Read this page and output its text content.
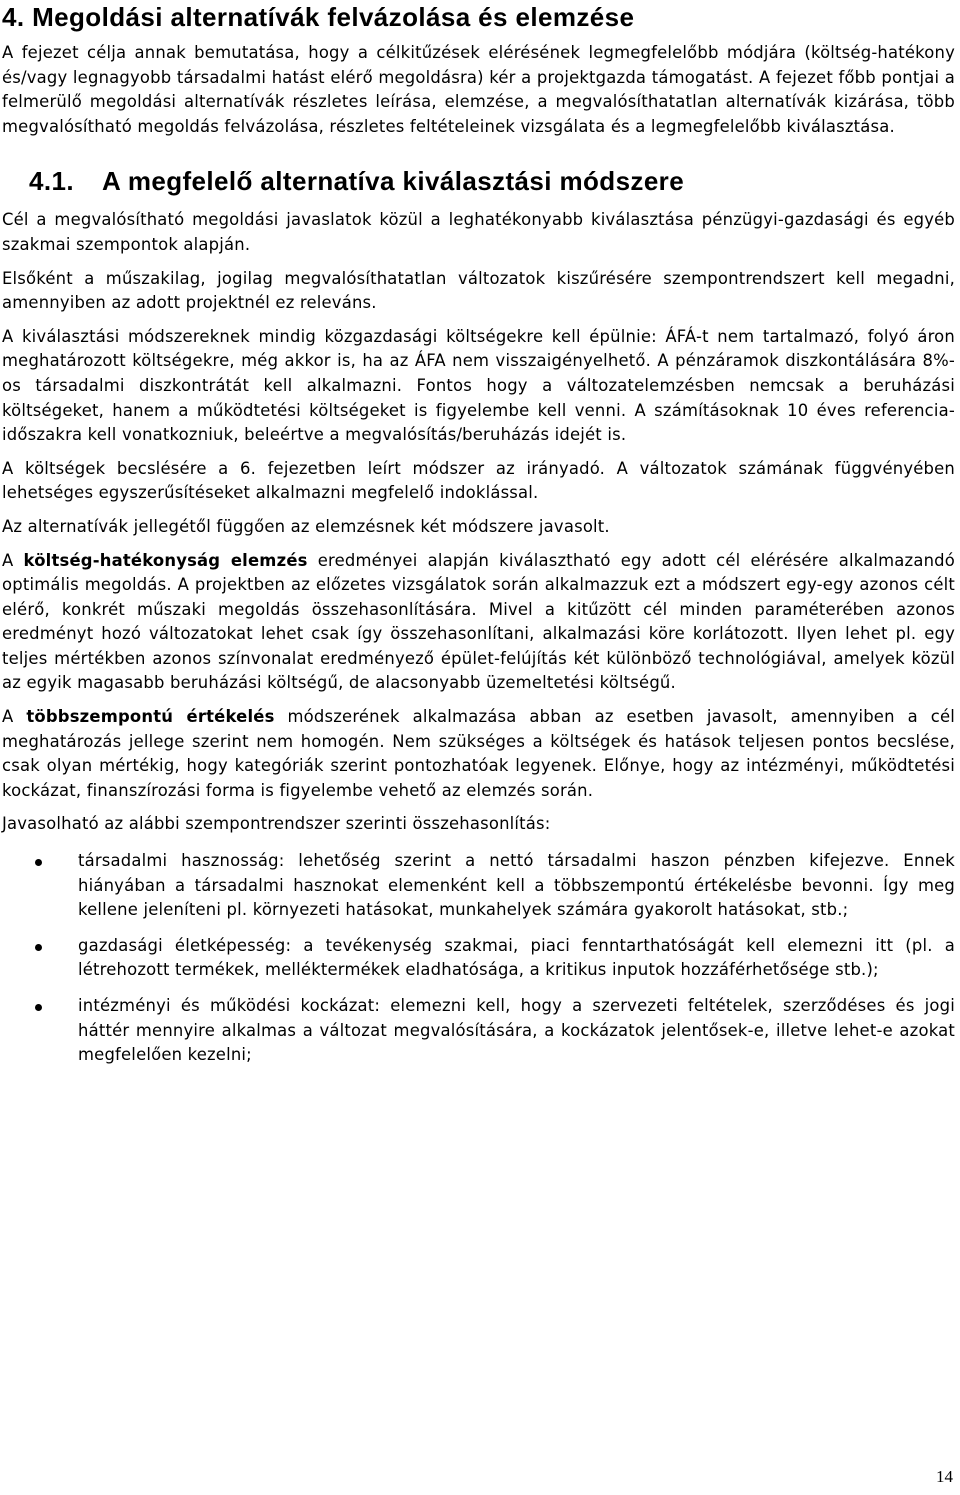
4. Megoldási alternatívák felvázolása és elemzése

A fejezet célja annak bemutatása, hogy a célkitűzések elérésének legmegfelelőbb módjára (költség-hatékony és/vagy legnagyobb társadalmi hatást elérő megoldásra) kér a projektgazda támogatást. A fejezet főbb pontjai a felmerülő megoldási alternatívák részletes leírása, elemzése, a megvalósíthatatlan alternatívák kizárása, több megvalósítható megoldás felvázolása, részletes feltételeinek vizsgálata és a legmegfelelőbb kiválasztása.

4.1. A megfelelő alternatíva kiválasztási módszere

Cél a megvalósítható megoldási javaslatok közül a leghatékonyabb kiválasztása pénzügyi-gazdasági és egyéb szakmai szempontok alapján.

Elsőként a műszakilag, jogilag megvalósíthatatlan változatok kiszűrésére szempontrendszert kell megadni, amennyiben az adott projektnél ez releváns.

A kiválasztási módszereknek mindig közgazdasági költségekre kell épülnie: ÁFÁ-t nem tartalmazó, folyó áron meghatározott költségekre, még akkor is, ha az ÁFA nem visszaigényelhető. A pénzáramok diszkontálására 8%-os társadalmi diszkontrátát kell alkalmazni. Fontos hogy a változatelemzésben nemcsak a beruházási költségeket, hanem a működtetési költségeket is figyelembe kell venni. A számításoknak 10 éves referencia-időszakra kell vonatkozniuk, beleértve a megvalósítás/beruházás idejét is.

A költségek becslésére a 6. fejezetben leírt módszer az irányadó. A változatok számának függvényében lehetséges egyszerűsítéseket alkalmazni megfelelő indoklással.

Az alternatívák jellegétől függően az elemzésnek két módszere javasolt.

A költség-hatékonyság elemzés eredményei alapján kiválasztható egy adott cél elérésére alkalmazandó optimális megoldás. A projektben az előzetes vizsgálatok során alkalmazzuk ezt a módszert egy-egy azonos célt elérő, konkrét műszaki megoldás összehasonlítására. Mivel a kitűzött cél minden paraméterében azonos eredményt hozó változatokat lehet csak így összehasonlítani, alkalmazási köre korlátozott. Ilyen lehet pl. egy teljes mértékben azonos színvonalat eredményező épület-felújítás két különböző technológiával, amelyek közül az egyik magasabb beruházási költségű, de alacsonyabb üzemeltetési költségű.

A többszempontú értékelés módszerének alkalmazása abban az esetben javasolt, amennyiben a cél meghatározás jellege szerint nem homogén. Nem szükséges a költségek és hatások teljesen pontos becslése, csak olyan mértékig, hogy kategóriák szerint pontozhatóak legyenek. Előnye, hogy az intézményi, működtetési kockázat, finanszírozási forma is figyelembe vehető az elemzés során.

Javasolható az alábbi szempontrendszer szerinti összehasonlítás:

társadalmi hasznosság: lehetőség szerint a nettó társadalmi haszon pénzben kifejezve. Ennek hiányában a társadalmi hasznokat elemenként kell a többszempontú értékelésbe bevonni. Így meg kellene jeleníteni pl. környezeti hatásokat, munkahelyek számára gyakorolt hatásokat, stb.;
gazdasági életképesség: a tevékenység szakmai, piaci fenntarthatóságát kell elemezni itt (pl. a létrehozott termékek, melléktermékek eladhatósága, a kritikus inputok hozzáférhetősége stb.);
intézményi és működési kockázat: elemezni kell, hogy a szervezeti feltételek, szerződéses és jogi háttér mennyire alkalmas a változat megvalósítására, a kockázatok jelentősek-e, illetve lehet-e azokat megfelelően kezelni;
14
